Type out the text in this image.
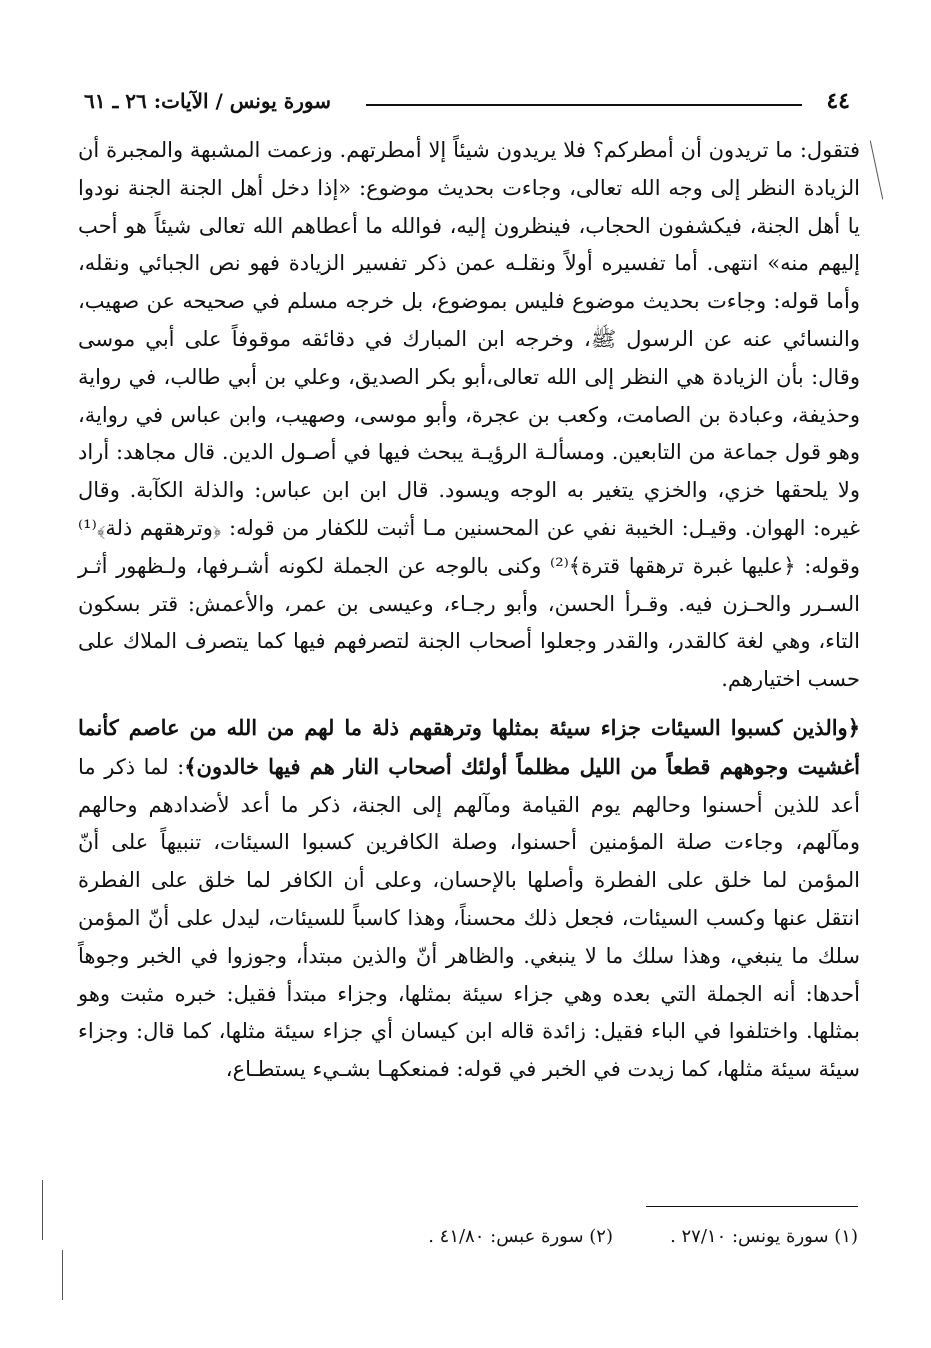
٤٤
سورة يونس / الآيات: ٢٦ ـ ٦١

فتقول: ما تريدون أن أمطركم؟ فلا يريدون شيئاً إلا أمطرتهم. وزعمت المشبهة والمجبرة أن الزيادة النظر إلى وجه الله تعالى، وجاءت بحديث موضوع: «إذا دخل أهل الجنة الجنة نودوا يا أهل الجنة، فيكشفون الحجاب، فينظرون إليه، فوالله ما أعطاهم الله تعالى شيئاً هو أحب إليهم منه» انتهى. أما تفسيره أولاً ونقلـه عمن ذكر تفسير الزيادة فهو نص الجبائي ونقله، وأما قوله: وجاءت بحديث موضوع فليس بموضوع، بل خرجه مسلم في صحيحه عن صهيب، والنسائي عنه عن الرسول ﷺ، وخرجه ابن المبارك في دقائقه موقوفاً على أبي موسى وقال: بأن الزيادة هي النظر إلى الله تعالى،أبو بكر الصديق، وعلي بن أبي طالب، في رواية وحذيفة، وعبادة بن الصامت، وكعب بن عجرة، وأبو موسى، وصهيب، وابن عباس في رواية، وهو قول جماعة من التابعين. ومسألـة الرؤيـة يبحث فيها في أصـول الدين. قال مجاهد: أراد ولا يلحقها خزي، والخزي يتغير به الوجه ويسود. قال ابن ابن عباس: والذلة الكآبة. وقال غيره: الهوان. وقيـل: الخيبة نفي عن المحسنين مـا أثبت للكفار من قوله: ﴿وترهقهم ذلة﴾⁽¹⁾ وقوله: ﴿عليها غبرة ترهقها قترة﴾⁽²⁾ وكنى بالوجه عن الجملة لكونه أشـرفها، ولـظهور أثـر السـرر والحـزن فيه. وقـرأ الحسن، وأبو رجـاء، وعيسى بن عمر، والأعمش: قتر بسكون التاء، وهي لغة كالقدر، والقدر وجعلوا أصحاب الجنة لتصرفهم فيها كما يتصرف الملاك على حسب اختيارهم.

﴿والذين كسبوا السيئات جزاء سيئة بمثلها وترهقهم ذلة ما لهم من الله من عاصم كأنما أغشيت وجوههم قطعاً من الليل مظلماً أولئك أصحاب النار هم فيها خالدون﴾: لما ذكر ما أعد للذين أحسنوا وحالهم يوم القيامة ومآلهم إلى الجنة، ذكر ما أعد لأضدادهم وحالهم ومآلهم، وجاءت صلة المؤمنين أحسنوا، وصلة الكافرين كسبوا السيئات، تنبيهاً على أنّ المؤمن لما خلق على الفطرة وأصلها بالإحسان، وعلى أن الكافر لما خلق على الفطرة انتقل عنها وكسب السيئات، فجعل ذلك محسناً، وهذا كاسباً للسيئات، ليدل على أنّ المؤمن سلك ما ينبغي، وهذا سلك ما لا ينبغي. والظاهر أنّ والذين مبتدأ، وجوزوا في الخبر وجوهاً أحدها: أنه الجملة التي بعده وهي جزاء سيئة بمثلها، وجزاء مبتدأ فقيل: خبره مثبت وهو بمثلها. واختلفوا في الباء فقيل: زائدة قاله ابن كيسان أي جزاء سيئة مثلها، كما قال: وجزاء سيئة سيئة مثلها، كما زيدت في الخبر في قوله: فمنعكهـا بشـيء يستطـاع،

(١) سورة يونس: ٢٧/١٠ .
(٢) سورة عبس: ٤١/٨٠ .
